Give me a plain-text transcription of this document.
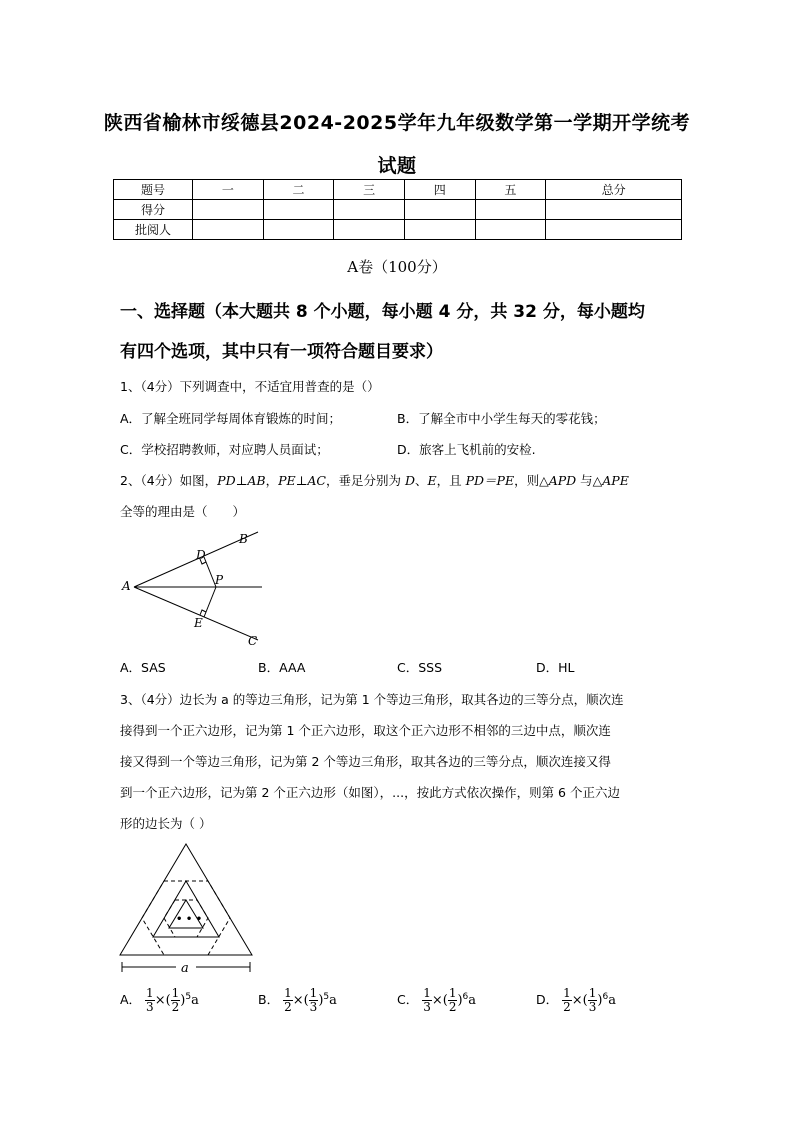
陕西省榆林市绥德县2024-2025学年九年级数学第一学期开学统考
试题
题号	一	二	三	四	五	总分
得分						
批阅人						
A卷（100分）
一、选择题（本大题共 8 个小题，每小题 4 分，共 32 分，每小题均
有四个选项，其中只有一项符合题目要求）
1、（4分）下列调查中，不适宜用普查的是（）
A．了解全班同学每周体育锻炼的时间；	B．了解全市中小学生每天的零花钱；
C．学校招聘教师，对应聘人员面试；	D．旅客上飞机前的安检.
2、（4分）如图，PD⊥AB，PE⊥AC，垂足分别为 D、E，且 PD＝PE，则△APD 与△APE
全等的理由是（　　）
A
B
C
D
E
P
A．SAS	B．AAA	C．SSS	D．HL
3、（4分）边长为 a 的等边三角形，记为第 1 个等边三角形，取其各边的三等分点，顺次连
接得到一个正六边形，记为第 1 个正六边形，取这个正六边形不相邻的三边中点，顺次连
接又得到一个等边三角形，记为第 2 个等边三角形，取其各边的三等分点，顺次连接又得
到一个正六边形，记为第 2 个正六边形（如图），...，按此方式依次操作，则第 6 个正六边
形的边长为（ ）
• • •
a
A． $\frac{1}{3}$ ×( $\frac{1}{2} )^5a$	B． $\frac{1}{2}$ ×( $\frac{1}{3} )^5a$	C． $\frac{1}{3}$ ×( $\frac{1}{2} )^6a$	D． $\frac{1}{2}$ ×( $\frac{1}{3} )^6a$
